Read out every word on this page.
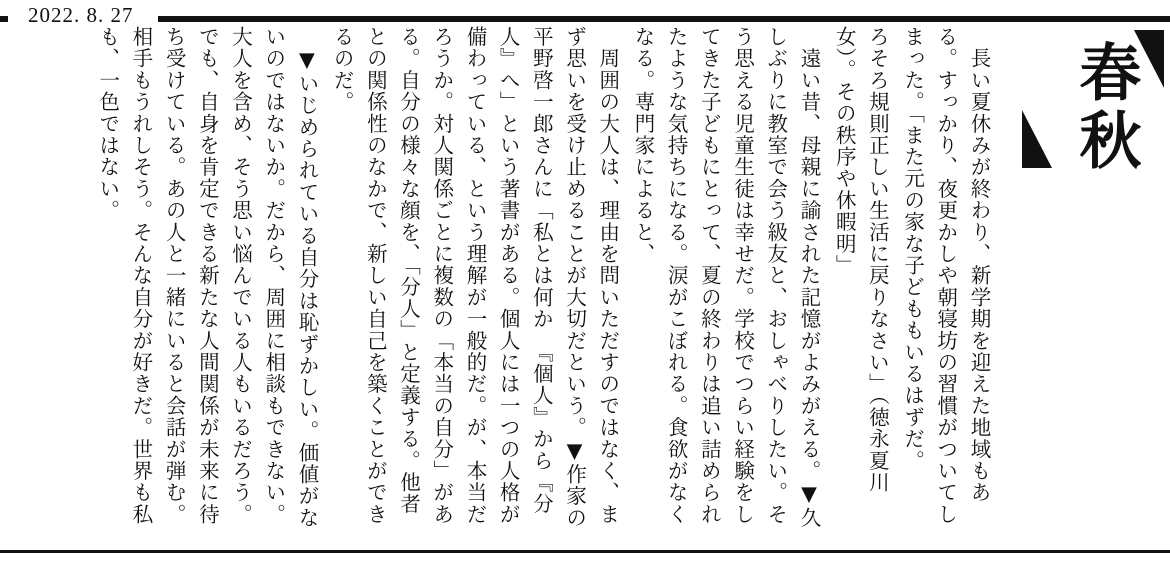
2022. 8. 27
春秋
　長い夏休みが終わり、新学期を迎えた地域もある。すっかり、夜更かしや朝寝坊の習慣がついてしまった。「また元の家な子どももいるはずだ。
ろそろ規則正しい生活に戻りなさい」（徳永夏川女）。その秩序や休暇明」
　遠い昔、母親に諭された記憶がよみがえる。▼久しぶりに教室で会う級友と、おしゃべりしたい。そう思える児童生徒は幸せだ。学校でつらい経験をしてきた子どもにとって、夏の終わりは追い詰められたような気持ちになる。涙がこぼれる。食欲がなくなる。専門家によると、
　周囲の大人は、理由を問いただすのではなく、まず思いを受け止めることが大切だという。▼作家の平野啓一郎さんに「私とは何か　『個人』から『分人』へ」という著書がある。個人には一つの人格が備わっている、という理解が一般的だ。が、本当だろうか。対人関係ごとに複数の「本当の自分」がある。自分の様々な顔を、「分人」と定義する。他者との関係性のなかで、新しい自己を築くことができるのだ。
　▼いじめられている自分は恥ずかしい。価値がないのではないか。だから、周囲に相談もできない。大人を含め、そう思い悩んでいる人もいるだろう。でも、自身を肯定できる新たな人間関係が未来に待ち受けている。あの人と一緒にいると会話が弾む。相手もうれしそう。そんな自分が好きだ。世界も私も、一色ではない。
